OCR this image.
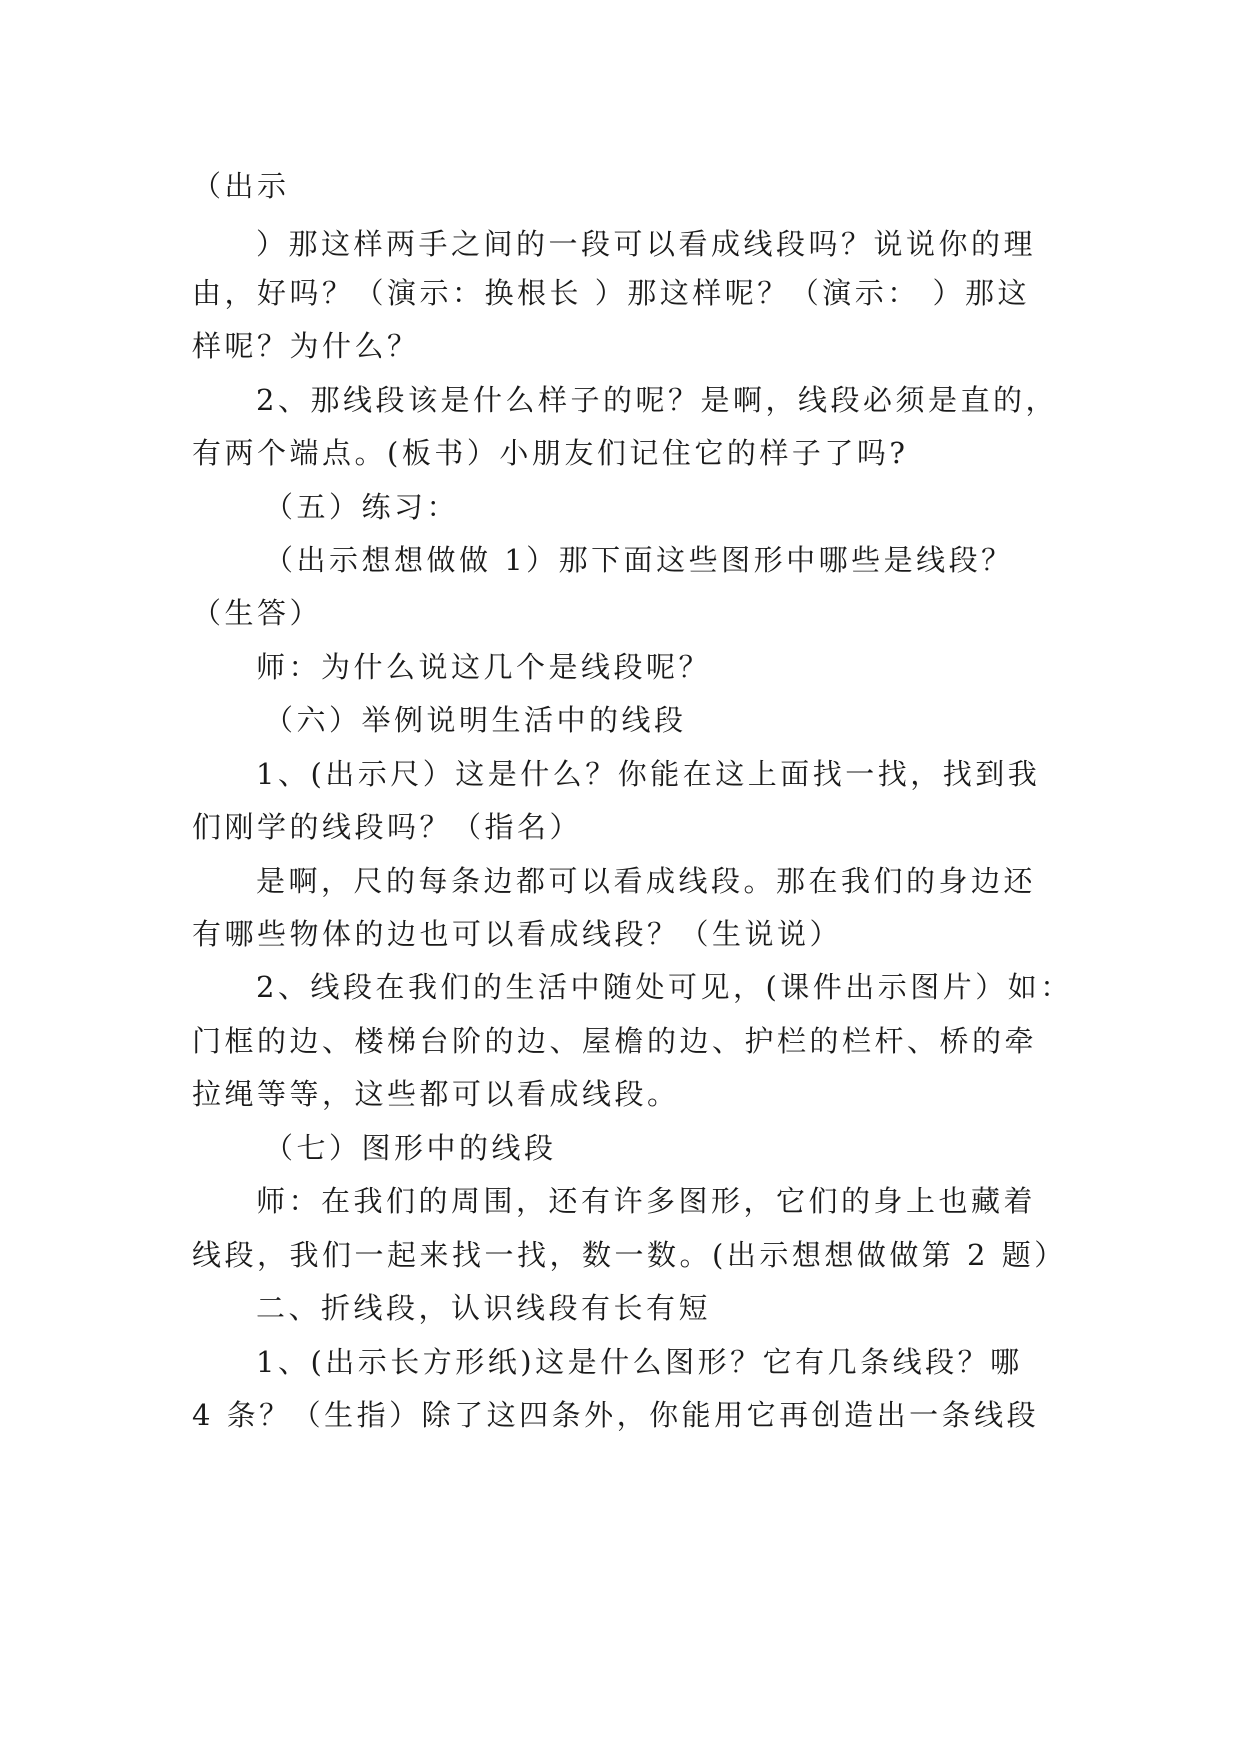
（出示
）那这样两手之间的一段可以看成线段吗？说说你的理
由，好吗？（演示：换根长 ）那这样呢？（演示： ）那这
样呢？为什么？
2、那线段该是什么样子的呢？是啊，线段必须是直的，
有两个端点。(板书）小朋友们记住它的样子了吗?
（五）练习：
（出示想想做做 1）那下面这些图形中哪些是线段？
（生答）
师：为什么说这几个是线段呢？
（六）举例说明生活中的线段
1、(出示尺）这是什么？你能在这上面找一找，找到我
们刚学的线段吗？（指名）
是啊，尺的每条边都可以看成线段。那在我们的身边还
有哪些物体的边也可以看成线段？（生说说）
2、线段在我们的生活中随处可见，(课件出示图片）如：
门框的边、楼梯台阶的边、屋檐的边、护栏的栏杆、桥的牵
拉绳等等，这些都可以看成线段。
（七）图形中的线段
师：在我们的周围，还有许多图形，它们的身上也藏着
线段，我们一起来找一找，数一数。(出示想想做做第 2 题）
二、折线段，认识线段有长有短
1、(出示长方形纸)这是什么图形？它有几条线段？哪
4 条？（生指）除了这四条外，你能用它再创造出一条线段
